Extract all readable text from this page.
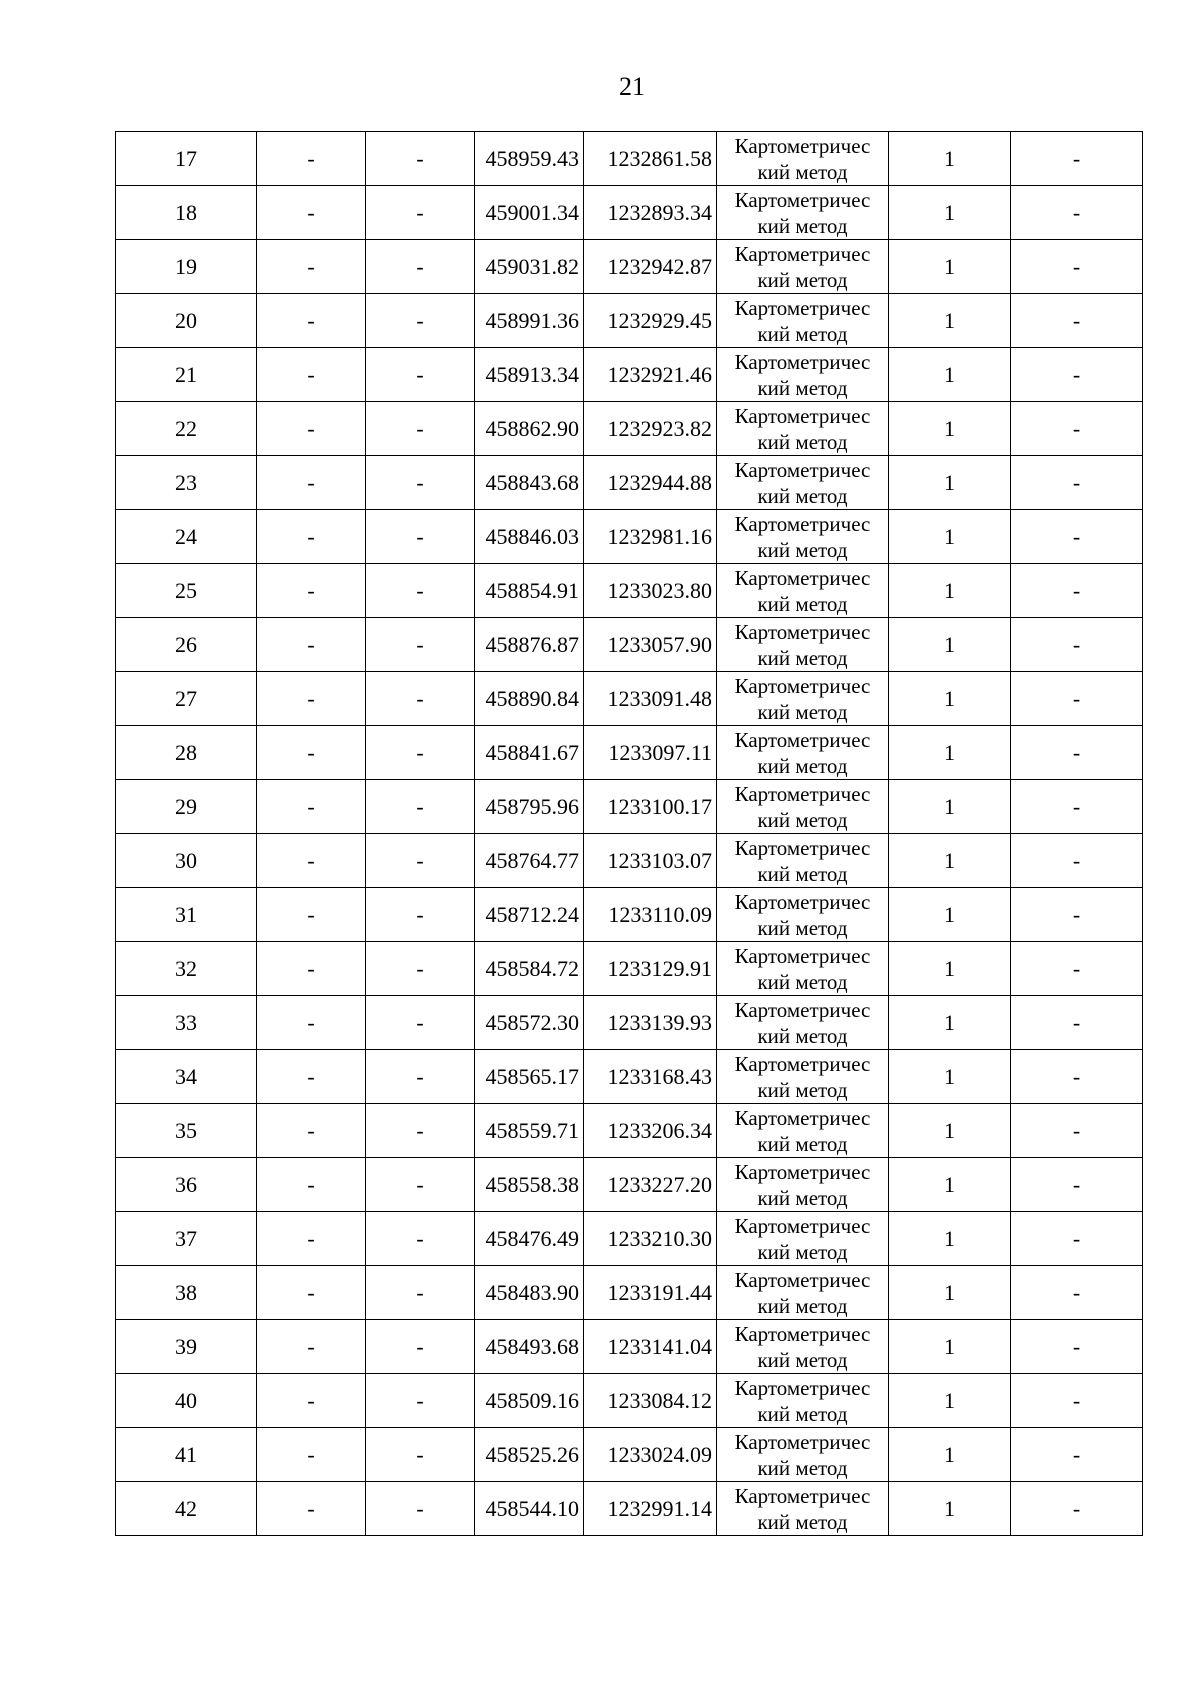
21
17	-	-	458959.43	1232861.58	Картометричес
кий метод	1	-
18	-	-	459001.34	1232893.34	Картометричес
кий метод	1	-
19	-	-	459031.82	1232942.87	Картометричес
кий метод	1	-
20	-	-	458991.36	1232929.45	Картометричес
кий метод	1	-
21	-	-	458913.34	1232921.46	Картометричес
кий метод	1	-
22	-	-	458862.90	1232923.82	Картометричес
кий метод	1	-
23	-	-	458843.68	1232944.88	Картометричес
кий метод	1	-
24	-	-	458846.03	1232981.16	Картометричес
кий метод	1	-
25	-	-	458854.91	1233023.80	Картометричес
кий метод	1	-
26	-	-	458876.87	1233057.90	Картометричес
кий метод	1	-
27	-	-	458890.84	1233091.48	Картометричес
кий метод	1	-
28	-	-	458841.67	1233097.11	Картометричес
кий метод	1	-
29	-	-	458795.96	1233100.17	Картометричес
кий метод	1	-
30	-	-	458764.77	1233103.07	Картометричес
кий метод	1	-
31	-	-	458712.24	1233110.09	Картометричес
кий метод	1	-
32	-	-	458584.72	1233129.91	Картометричес
кий метод	1	-
33	-	-	458572.30	1233139.93	Картометричес
кий метод	1	-
34	-	-	458565.17	1233168.43	Картометричес
кий метод	1	-
35	-	-	458559.71	1233206.34	Картометричес
кий метод	1	-
36	-	-	458558.38	1233227.20	Картометричес
кий метод	1	-
37	-	-	458476.49	1233210.30	Картометричес
кий метод	1	-
38	-	-	458483.90	1233191.44	Картометричес
кий метод	1	-
39	-	-	458493.68	1233141.04	Картометричес
кий метод	1	-
40	-	-	458509.16	1233084.12	Картометричес
кий метод	1	-
41	-	-	458525.26	1233024.09	Картометричес
кий метод	1	-
42	-	-	458544.10	1232991.14	Картометричес
кий метод	1	-
